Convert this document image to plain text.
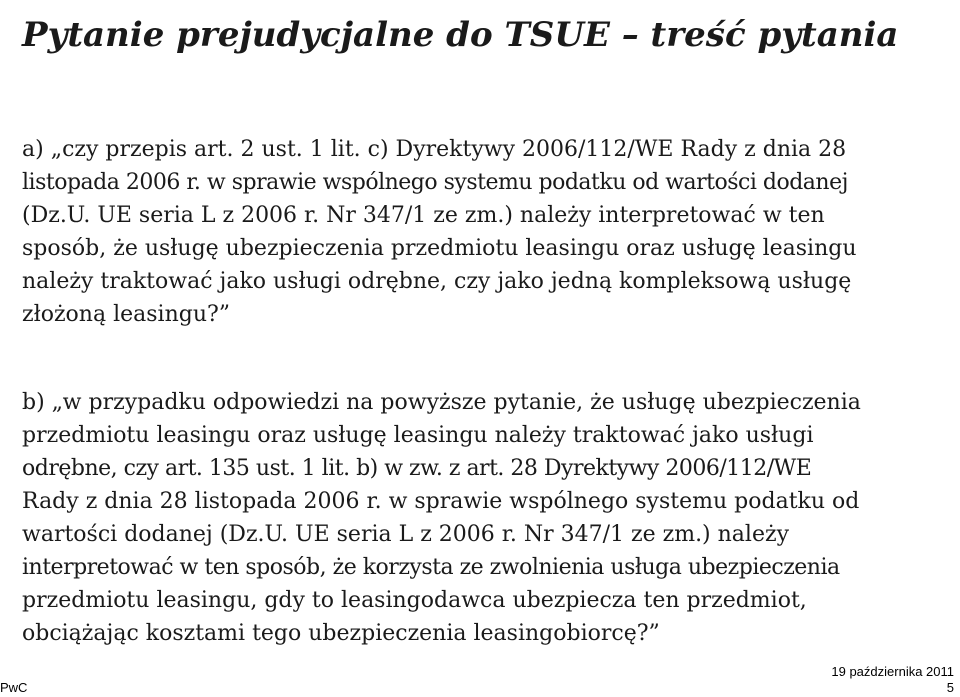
Pytanie prejudycjalne do TSUE – treść pytania

a) „czy przepis art. 2 ust. 1 lit. c) Dyrektywy 2006/112/WE Rady z dnia 28
listopada 2006 r. w sprawie wspólnego systemu podatku od wartości dodanej
(Dz.U. UE seria L z 2006 r. Nr 347/1 ze zm.) należy interpretować w ten
sposób, że usługę ubezpieczenia przedmiotu leasingu oraz usługę leasingu
należy traktować jako usługi odrębne, czy jako jedną kompleksową usługę
złożoną leasingu?”

b) „w przypadku odpowiedzi na powyższe pytanie, że usługę ubezpieczenia
przedmiotu leasingu oraz usługę leasingu należy traktować jako usługi
odrębne, czy art. 135 ust. 1 lit. b) w zw. z art. 28 Dyrektywy 2006/112/WE
Rady z dnia 28 listopada 2006 r. w sprawie wspólnego systemu podatku od
wartości dodanej (Dz.U. UE seria L z 2006 r. Nr 347/1 ze zm.) należy
interpretować w ten sposób, że korzysta ze zwolnienia usługa ubezpieczenia
przedmiotu leasingu, gdy to leasingodawca ubezpiecza ten przedmiot,
obciążając kosztami tego ubezpieczenia leasingobiorcę?”

PwC
19 października 2011
5
